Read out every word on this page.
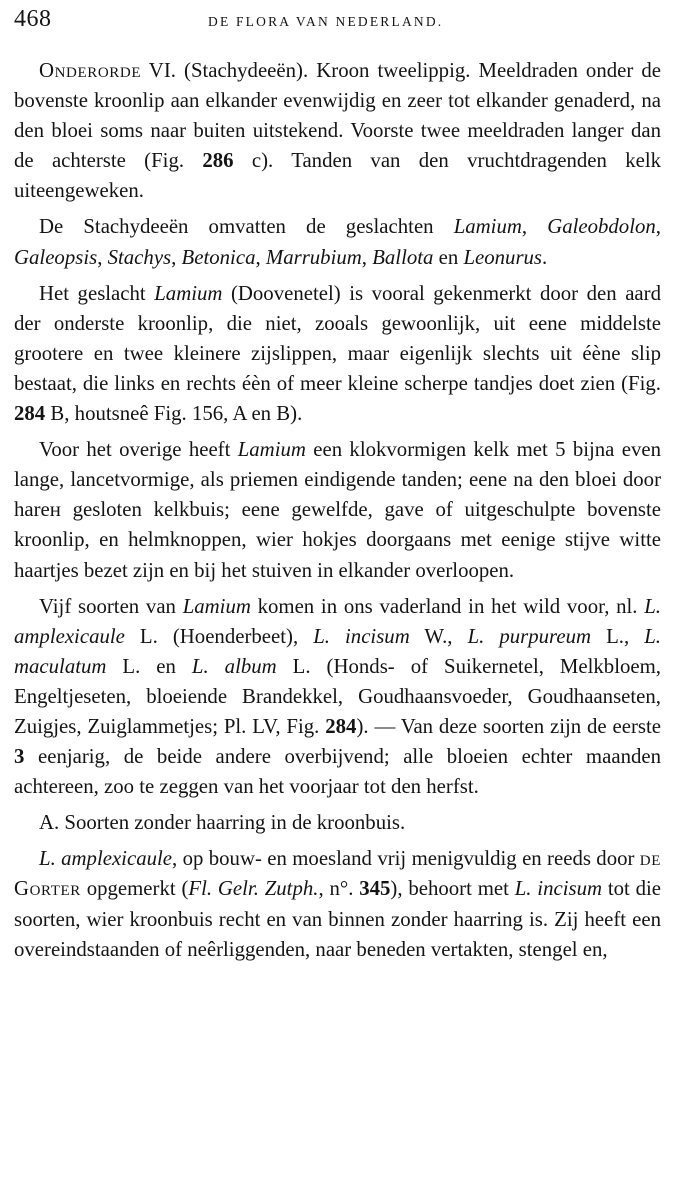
468	DE FLORA VAN NEDERLAND.

Onderorde VI. (Stachydeeën). Kroon tweelippig. Meeldraden onder de bovenste kroonlip aan elkander evenwijdig en zeer tot elkander genaderd, na den bloei soms naar buiten uitstekend. Voorste twee meeldraden langer dan de achterste (Fig. 286 c). Tanden van den vruchtdragenden kelk uiteengeweken.

De Stachydeeën omvatten de geslachten Lamium, Galeobdolon, Galeopsis, Stachys, Betonica, Marrubium, Ballota en Leonurus.

Het geslacht Lamium (Doovenetel) is vooral gekenmerkt door den aard der onderste kroonlip, die niet, zooals gewoonlijk, uit eene middelste grootere en twee kleinere zijslippen, maar eigenlijk slechts uit éène slip bestaat, die links en rechts éèn of meer kleine scherpe tandjes doet zien (Fig. 284 B, houtsneê Fig. 156, A en B).

Voor het overige heeft Lamium een klokvormigen kelk met 5 bijna even lange, lancetvormige, als priemen eindigende tanden; eene na den bloei door harен gesloten kelkbuis; eene gewelfde, gave of uitgeschulpte bovenste kroonlip, en helmknoppen, wier hokjes doorgaans met eenige stijve witte haartjes bezet zijn en bij het stuiven in elkander overloopen.

Vijf soorten van Lamium komen in ons vaderland in het wild voor, nl. L. amplexicaule L. (Hoenderbeet), L. incisum W., L. purpureum L., L. maculatum L. en L. album L. (Honds- of Suikernetel, Melkbloem, Engeltjeseten, bloeiende Brandekkel, Goudhaansvoeder, Goudhaanseten, Zuigjes, Zuiglammetjes; Pl. LV, Fig. 284). — Van deze soorten zijn de eerste 3 eenjarig, de beide andere overbijvend; alle bloeien echter maanden achtereen, zoo te zeggen van het voorjaar tot den herfst.

A. Soorten zonder haarring in de kroonbuis.

L. amplexicaule, op bouw- en moesland vrij menigvuldig en reeds door de Gorter opgemerkt (Fl. Gelr. Zutph., n°. 345), behoort met L. incisum tot die soorten, wier kroonbuis recht en van binnen zonder haarring is. Zij heeft een overeindstaanden of neêrliggenden, naar beneden vertakten, stengel en,
